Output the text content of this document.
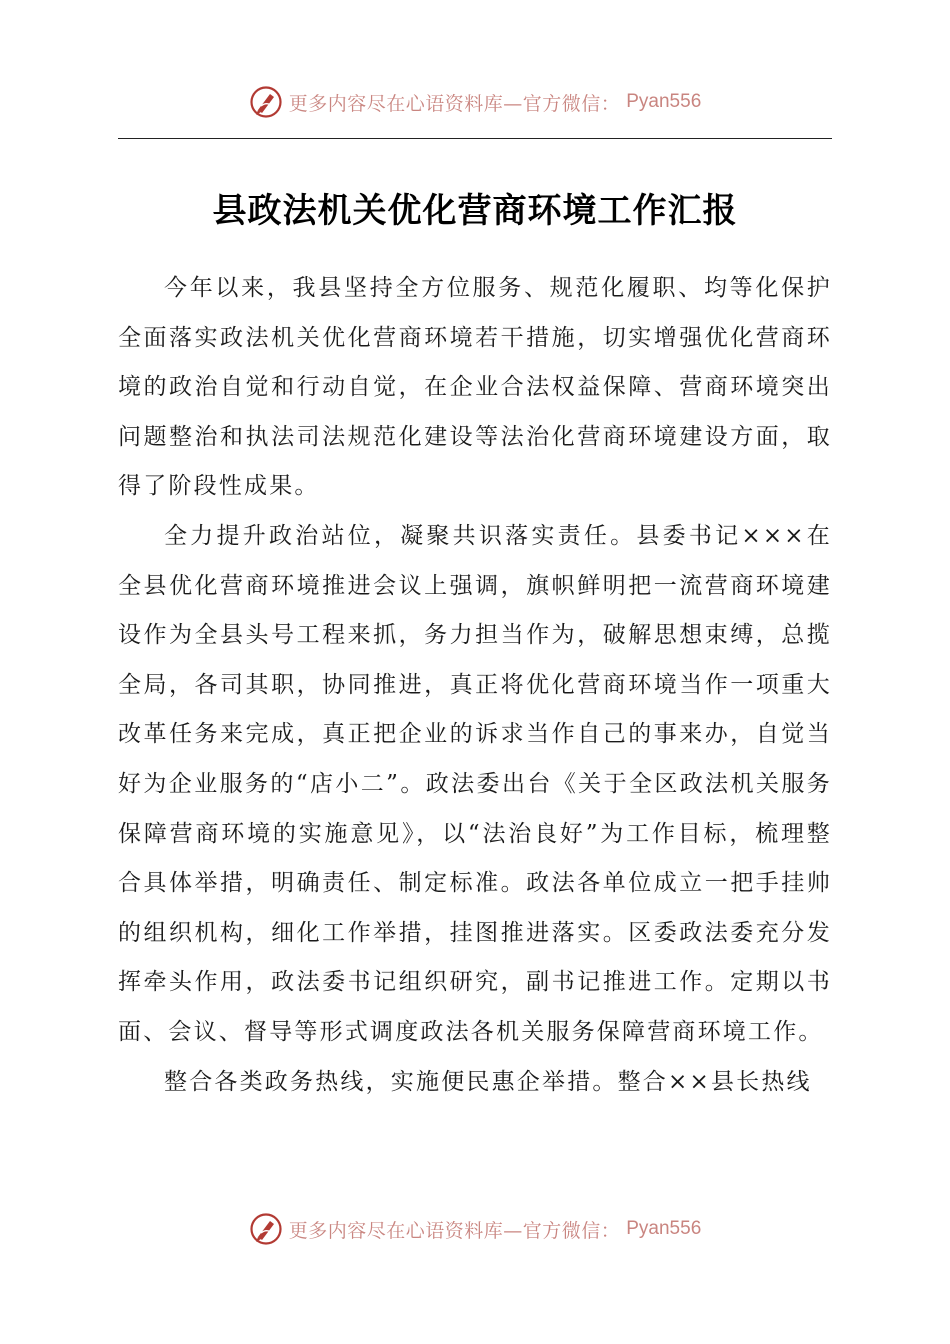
更多内容尽在心语资料库—官方微信： Pyan556
县政法机关优化营商环境工作汇报

今年以来，我县坚持全方位服务、规范化履职、均等化保护全面落实政法机关优化营商环境若干措施，切实增强优化营商环境的政治自觉和行动自觉，在企业合法权益保障、营商环境突出问题整治和执法司法规范化建设等法治化营商环境建设方面，取得了阶段性成果。

全力提升政治站位，凝聚共识落实责任。县委书记×××在全县优化营商环境推进会议上强调，旗帜鲜明把一流营商环境建设作为全县头号工程来抓，务力担当作为，破解思想束缚，总揽全局，各司其职，协同推进，真正将优化营商环境当作一项重大改革任务来完成，真正把企业的诉求当作自己的事来办，自觉当好为企业服务的“店小二”。政法委出台《关于全区政法机关服务保障营商环境的实施意见》，以“法治良好”为工作目标，梳理整合具体举措，明确责任、制定标准。政法各单位成立一把手挂帅的组织机构，细化工作举措，挂图推进落实。区委政法委充分发挥牵头作用，政法委书记组织研究，副书记推进工作。定期以书面、会议、督导等形式调度政法各机关服务保障营商环境工作。

整合各类政务热线，实施便民惠企举措。整合××县长热线

更多内容尽在心语资料库—官方微信： Pyan556
